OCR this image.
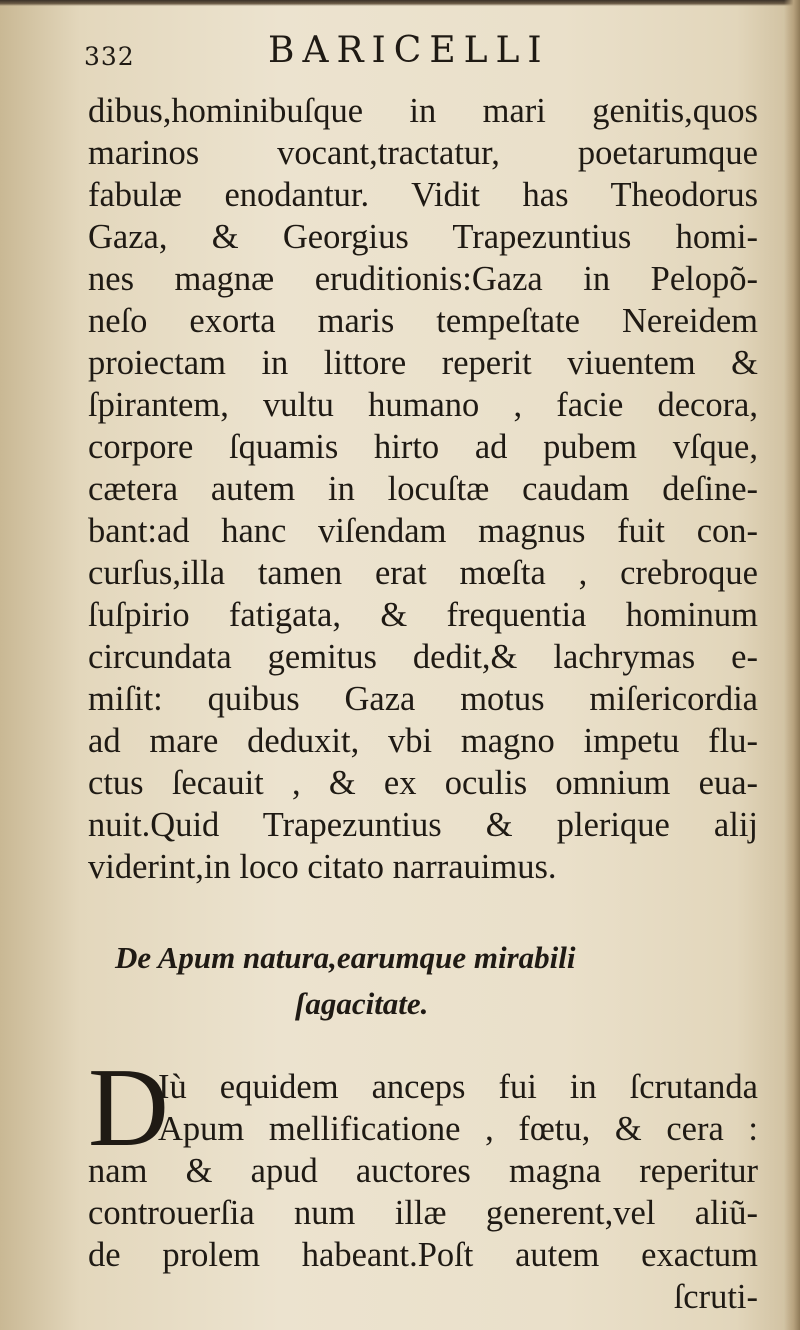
332	BARICELLI
dibus,hominibuſque in mari genitis,quos
marinos vocant,tractatur, poetarumque
fabulæ enodantur. Vidit has Theodorus
Gaza, & Georgius Trapezuntius homi-
nes magnæ eruditionis:Gaza in Pelopõ-
neſo exorta maris tempeſtate Nereidem
proiectam in littore reperit viuentem &
ſpirantem, vultu humano , facie decora,
corpore ſquamis hirto ad pubem vſque,
cætera autem in locuſtæ caudam deſine-
bant:ad hanc viſendam magnus fuit con-
curſus,illa tamen erat mœſta , crebroque
ſuſpirio fatigata, & frequentia hominum
circundata gemitus dedit,& lachrymas e-
miſit: quibus Gaza motus miſericordia
ad mare deduxit, vbi magno impetu flu-
ctus ſecauit , & ex oculis omnium eua-
nuit.Quid Trapezuntius & plerique alij
viderint,in loco citato narrauimus.
De Apum natura,earumque mirabili
ſagacitate.
D
Iù equidem anceps fui in ſcrutanda
Apum mellificatione , fœtu, & cera :
nam & apud auctores magna reperitur
controuerſia num illæ generent,vel aliũ-
de prolem habeant.Poſt autem exactum
ſcruti-
